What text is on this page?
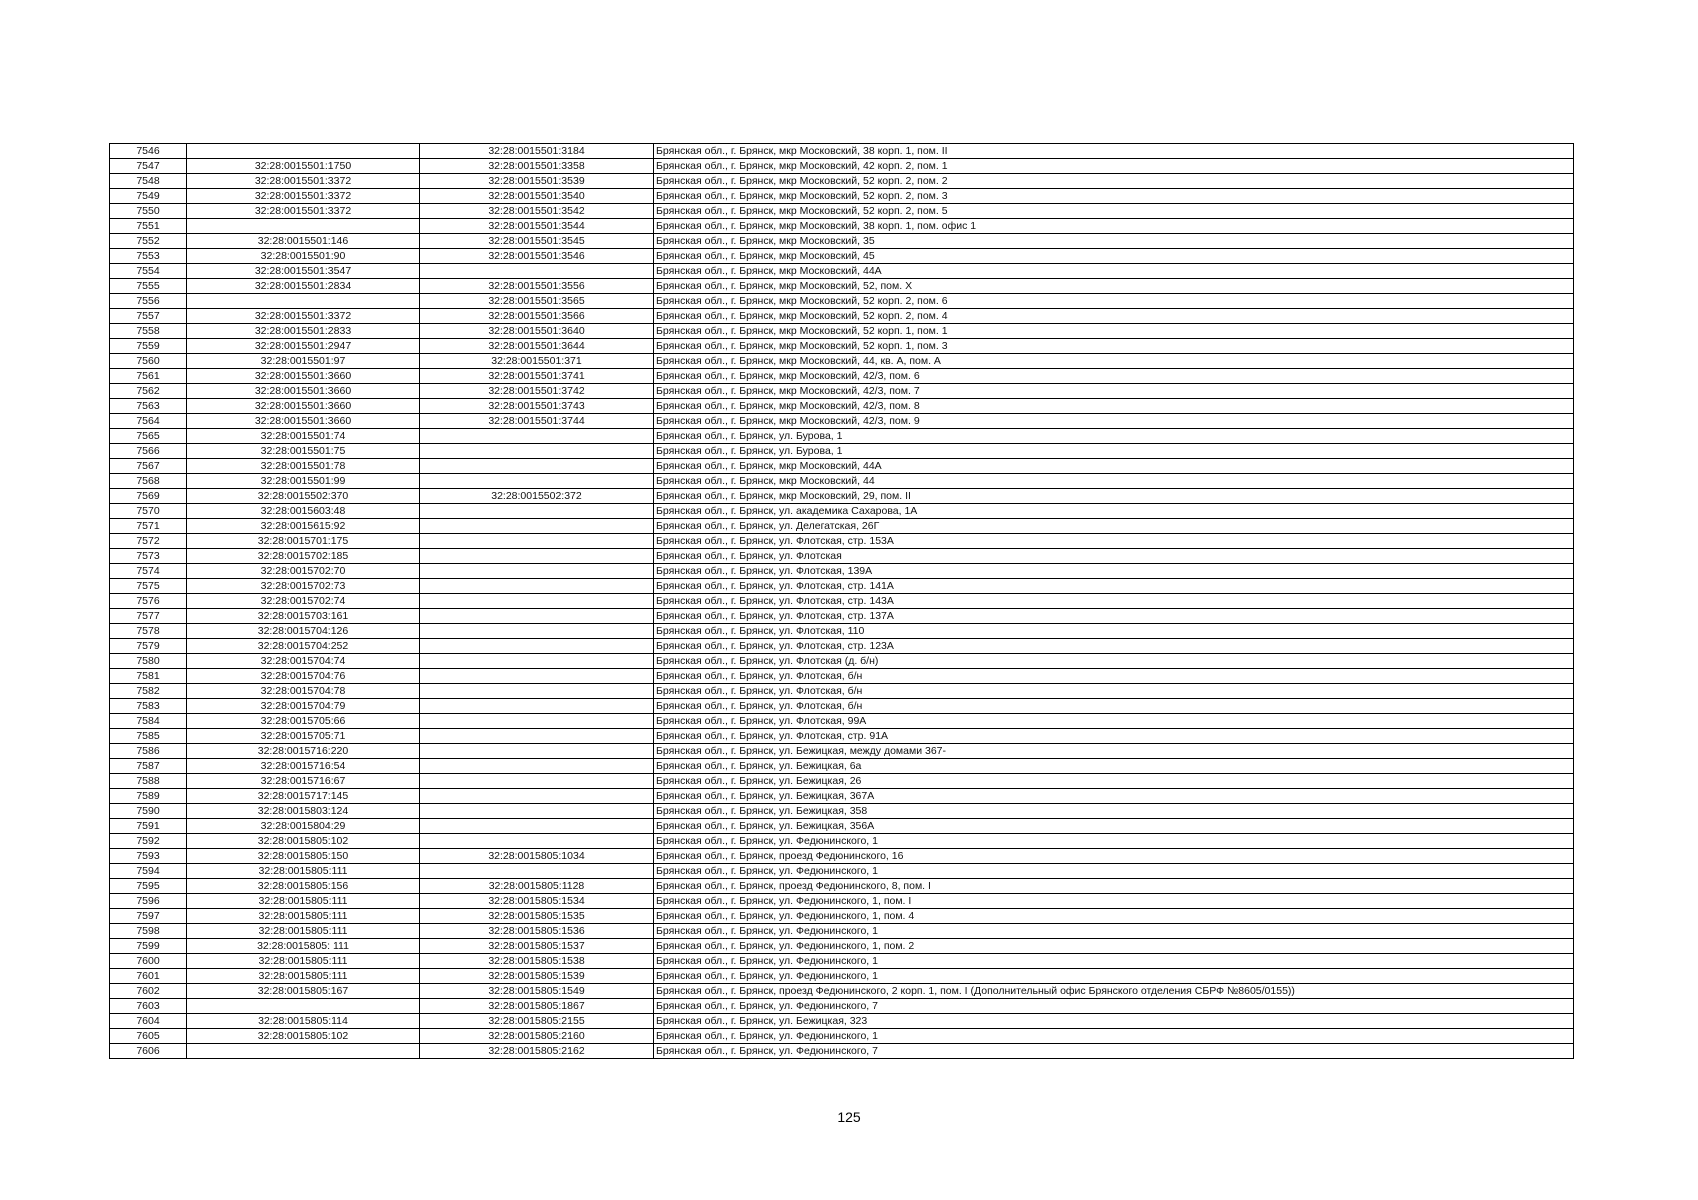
7546		32:28:0015501:3184	Брянская обл., г. Брянск, мкр Московский, 38 корп. 1, пом. II
7547	32:28:0015501:1750	32:28:0015501:3358	Брянская обл., г. Брянск, мкр Московский, 42 корп. 2, пом. 1
7548	32:28:0015501:3372	32:28:0015501:3539	Брянская обл., г. Брянск, мкр Московский, 52 корп. 2, пом. 2
7549	32:28:0015501:3372	32:28:0015501:3540	Брянская обл., г. Брянск, мкр Московский, 52 корп. 2, пом. 3
7550	32:28:0015501:3372	32:28:0015501:3542	Брянская обл., г. Брянск, мкр Московский, 52 корп. 2, пом. 5
7551		32:28:0015501:3544	Брянская обл., г. Брянск, мкр Московский, 38 корп. 1, пом. офис 1
7552	32:28:0015501:146	32:28:0015501:3545	Брянская обл., г. Брянск, мкр Московский, 35
7553	32:28:0015501:90	32:28:0015501:3546	Брянская обл., г. Брянск, мкр Московский, 45
7554	32:28:0015501:3547		Брянская обл., г. Брянск, мкр Московский, 44А
7555	32:28:0015501:2834	32:28:0015501:3556	Брянская обл., г. Брянск, мкр Московский, 52, пом. X
7556		32:28:0015501:3565	Брянская обл., г. Брянск, мкр Московский, 52 корп. 2, пом. 6
7557	32:28:0015501:3372	32:28:0015501:3566	Брянская обл., г. Брянск, мкр Московский, 52 корп. 2, пом. 4
7558	32:28:0015501:2833	32:28:0015501:3640	Брянская обл., г. Брянск, мкр Московский, 52 корп. 1, пом. 1
7559	32:28:0015501:2947	32:28:0015501:3644	Брянская обл., г. Брянск, мкр Московский, 52 корп. 1, пом. 3
7560	32:28:0015501:97	32:28:0015501:371	Брянская обл., г. Брянск, мкр Московский, 44, кв. А, пом. А
7561	32:28:0015501:3660	32:28:0015501:3741	Брянская обл., г. Брянск, мкр Московский, 42/3, пом. 6
7562	32:28:0015501:3660	32:28:0015501:3742	Брянская обл., г. Брянск, мкр Московский, 42/3, пом. 7
7563	32:28:0015501:3660	32:28:0015501:3743	Брянская обл., г. Брянск, мкр Московский, 42/3, пом. 8
7564	32:28:0015501:3660	32:28:0015501:3744	Брянская обл., г. Брянск, мкр Московский, 42/3, пом. 9
7565	32:28:0015501:74		Брянская обл., г. Брянск, ул. Бурова, 1
7566	32:28:0015501:75		Брянская обл., г. Брянск, ул. Бурова, 1
7567	32:28:0015501:78		Брянская обл., г. Брянск, мкр Московский, 44А
7568	32:28:0015501:99		Брянская обл., г. Брянск, мкр Московский, 44
7569	32:28:0015502:370	32:28:0015502:372	Брянская обл., г. Брянск, мкр Московский, 29, пом. II
7570	32:28:0015603:48		Брянская обл., г. Брянск, ул. академика Сахарова, 1А
7571	32:28:0015615:92		Брянская обл., г. Брянск, ул. Делегатская, 26Г
7572	32:28:0015701:175		Брянская обл., г. Брянск, ул. Флотская, стр. 153А
7573	32:28:0015702:185		Брянская обл., г. Брянск, ул. Флотская
7574	32:28:0015702:70		Брянская обл., г. Брянск, ул. Флотская, 139А
7575	32:28:0015702:73		Брянская обл., г. Брянск, ул. Флотская, стр. 141А
7576	32:28:0015702:74		Брянская обл., г. Брянск, ул. Флотская, стр. 143А
7577	32:28:0015703:161		Брянская обл., г. Брянск, ул. Флотская, стр. 137А
7578	32:28:0015704:126		Брянская обл., г. Брянск, ул. Флотская, 110
7579	32:28:0015704:252		Брянская обл., г. Брянск, ул. Флотская, стр. 123А
7580	32:28:0015704:74		Брянская обл., г. Брянск, ул. Флотская (д. б/н)
7581	32:28:0015704:76		Брянская обл., г. Брянск, ул. Флотская, б/н
7582	32:28:0015704:78		Брянская обл., г. Брянск, ул. Флотская, б/н
7583	32:28:0015704:79		Брянская обл., г. Брянск, ул. Флотская, б/н
7584	32:28:0015705:66		Брянская обл., г. Брянск, ул. Флотская, 99А
7585	32:28:0015705:71		Брянская обл., г. Брянск, ул. Флотская, стр. 91А
7586	32:28:0015716:220		Брянская обл., г. Брянск, ул. Бежицкая, между домами 367-
7587	32:28:0015716:54		Брянская обл., г. Брянск, ул. Бежицкая, 6а
7588	32:28:0015716:67		Брянская обл., г. Брянск, ул. Бежицкая, 26
7589	32:28:0015717:145		Брянская обл., г. Брянск, ул. Бежицкая, 367А
7590	32:28:0015803:124		Брянская обл., г. Брянск, ул. Бежицкая, 358
7591	32:28:0015804:29		Брянская обл., г. Брянск, ул. Бежицкая, 356А
7592	32:28:0015805:102		Брянская обл., г. Брянск, ул. Федюнинского, 1
7593	32:28:0015805:150	32:28:0015805:1034	Брянская обл., г. Брянск, проезд Федюнинского, 16
7594	32:28:0015805:111		Брянская обл., г. Брянск, ул. Федюнинского, 1
7595	32:28:0015805:156	32:28:0015805:1128	Брянская обл., г. Брянск, проезд Федюнинского, 8, пом. I
7596	32:28:0015805:111	32:28:0015805:1534	Брянская обл., г. Брянск, ул. Федюнинского, 1, пом. I
7597	32:28:0015805:111	32:28:0015805:1535	Брянская обл., г. Брянск, ул. Федюнинского, 1, пом. 4
7598	32:28:0015805:111	32:28:0015805:1536	Брянская обл., г. Брянск, ул. Федюнинского, 1
7599	32:28:0015805: 111	32:28:0015805:1537	Брянская обл., г. Брянск, ул. Федюнинского, 1, пом. 2
7600	32:28:0015805:111	32:28:0015805:1538	Брянская обл., г. Брянск, ул. Федюнинского, 1
7601	32:28:0015805:111	32:28:0015805:1539	Брянская обл., г. Брянск, ул. Федюнинского, 1
7602	32:28:0015805:167	32:28:0015805:1549	Брянская обл., г. Брянск, проезд Федюнинского, 2 корп. 1, пом. I (Дополнительный офис Брянского отделения СБРФ №8605/0155))
7603		32:28:0015805:1867	Брянская обл., г. Брянск, ул. Федюнинского, 7
7604	32:28:0015805:114	32:28:0015805:2155	Брянская обл., г. Брянск, ул. Бежицкая, 323
7605	32:28:0015805:102	32:28:0015805:2160	Брянская обл., г. Брянск, ул. Федюнинского, 1
7606		32:28:0015805:2162	Брянская обл., г. Брянск, ул. Федюнинского, 7
125
